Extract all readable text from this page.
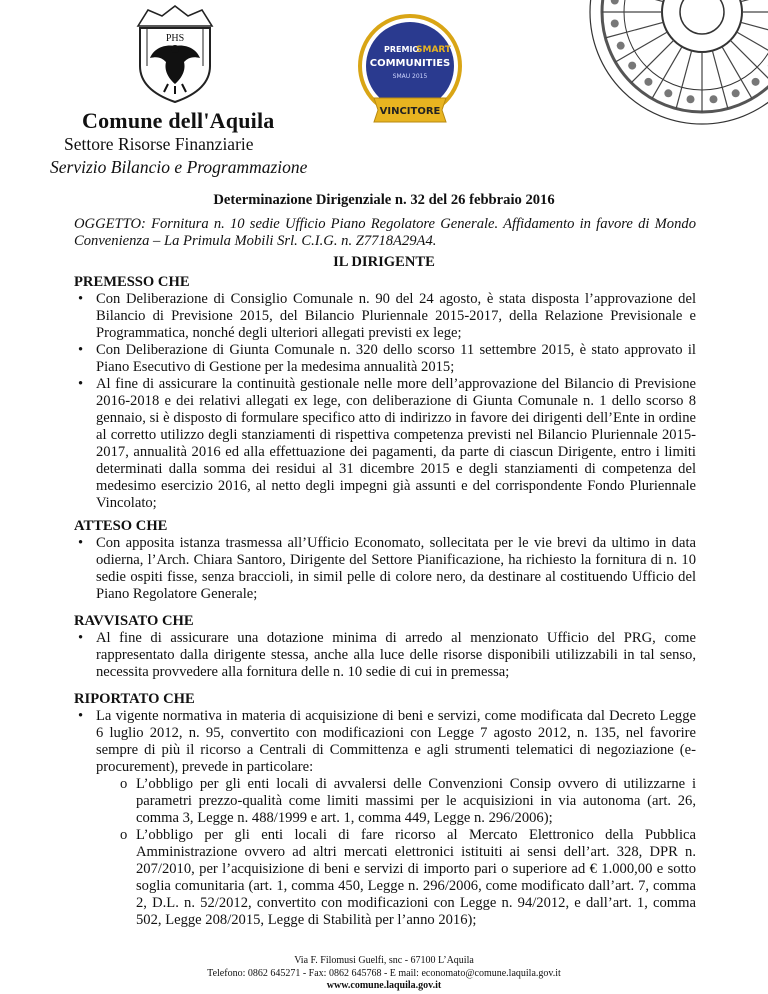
PHS
PREMIO
SMART
COMMUNITIES
SMAU 2015
VINCITORE
Comune dell'Aquila
Settore Risorse Finanziarie
Servizio Bilancio e Programmazione
Determinazione Dirigenziale n. 32 del 26 febbraio 2016
OGGETTO: Fornitura n. 10 sedie Ufficio Piano Regolatore Generale. Affidamento in favore di Mondo Convenienza – La Primula Mobili Srl. C.I.G. n. Z7718A29A4.
IL DIRIGENTE
PREMESSO CHE
• Con Deliberazione di Consiglio Comunale n. 90 del 24 agosto, è stata disposta l’approvazione del Bilancio di Previsione 2015, del Bilancio Pluriennale 2015-2017, della Relazione Previsionale e Programmatica, nonché degli ulteriori allegati previsti ex lege;
• Con Deliberazione di Giunta Comunale n. 320 dello scorso 11 settembre 2015, è stato approvato il Piano Esecutivo di Gestione per la medesima annualità 2015;
• Al fine di assicurare la continuità gestionale nelle more dell’approvazione del Bilancio di Previsione 2016-2018 e dei relativi allegati ex lege, con deliberazione di Giunta Comunale n. 1 dello scorso 8 gennaio, si è disposto di formulare specifico atto di indirizzo in favore dei dirigenti dell’Ente in ordine al corretto utilizzo degli stanziamenti di rispettiva competenza previsti nel Bilancio Pluriennale 2015-2017, annualità 2016 ed alla effettuazione dei pagamenti, da parte di ciascun Dirigente, entro i limiti determinati dalla somma dei residui al 31 dicembre 2015 e degli stanziamenti di competenza del medesimo esercizio 2016, al netto degli impegni già assunti e del corrispondente Fondo Pluriennale Vincolato;
ATTESO CHE
• Con apposita istanza trasmessa all’Ufficio Economato, sollecitata per le vie brevi da ultimo in data odierna, l’Arch. Chiara Santoro, Dirigente del Settore Pianificazione, ha richiesto la fornitura di n. 10 sedie ospiti fisse, senza braccioli, in simil pelle di colore nero, da destinare al costituendo Ufficio del Piano Regolatore Generale;
RAVVISATO CHE
• Al fine di assicurare una dotazione minima di arredo al menzionato Ufficio del PRG, come rappresentato dalla dirigente stessa, anche alla luce delle risorse disponibili utilizzabili in tal senso, necessita provvedere alla fornitura delle n. 10 sedie di cui in premessa;
RIPORTATO CHE
• La vigente normativa in materia di acquisizione di beni e servizi, come modificata dal Decreto Legge 6 luglio 2012, n. 95, convertito con modificazioni con Legge 7 agosto 2012, n. 135, nel favorire sempre di più il ricorso a Centrali di Committenza e agli strumenti telematici di negoziazione (e-procurement), prevede in particolare:
o L’obbligo per gli enti locali di avvalersi delle Convenzioni Consip ovvero di utilizzarne i parametri prezzo-qualità come limiti massimi per le acquisizioni in via autonoma (art. 26, comma 3, Legge n. 488/1999 e art. 1, comma 449, Legge n. 296/2006);
o L’obbligo per gli enti locali di fare ricorso al Mercato Elettronico della Pubblica Amministrazione ovvero ad altri mercati elettronici istituiti ai sensi dell’art. 328, DPR n. 207/2010, per l’acquisizione di beni e servizi di importo pari o superiore ad € 1.000,00 e sotto soglia comunitaria (art. 1, comma 450, Legge n. 296/2006, come modificato dall’art. 7, comma 2, D.L. n. 52/2012, convertito con modificazioni con Legge n. 94/2012, e dall’art. 1, comma 502, Legge 208/2015, Legge di Stabilità per l’anno 2016);
Via F. Filomusi Guelfi, snc - 67100 L’Aquila
Telefono: 0862 645271 - Fax: 0862 645768 - E mail: economato@comune.laquila.gov.it
www.comune.laquila.gov.it
